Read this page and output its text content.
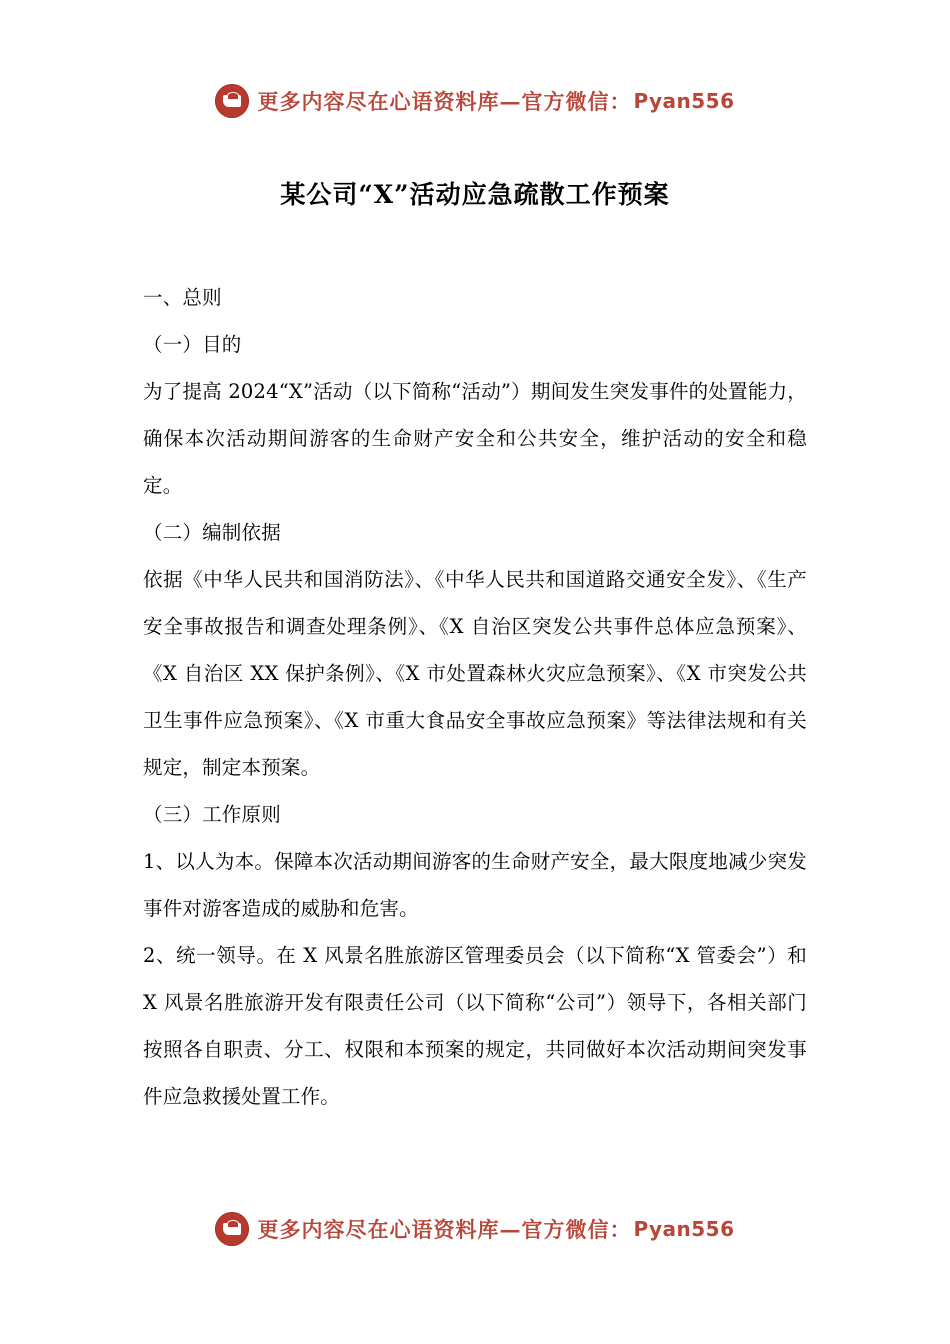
更多内容尽在心语资料库—官方微信： Pyan556
某公司“X”活动应急疏散工作预案

一、总则

（一）目的

为了提高 2024“X”活动（以下简称“活动”）期间发生突发事件的处置能力，确保本次活动期间游客的生命财产安全和公共安全，维护活动的安全和稳定。

（二）编制依据

依据《中华人民共和国消防法》、《中华人民共和国道路交通安全发》、《生产安全事故报告和调查处理条例》、《X 自治区突发公共事件总体应急预案》、《X 自治区 XX 保护条例》、《X 市处置森林火灾应急预案》、《X 市突发公共卫生事件应急预案》、《X 市重大食品安全事故应急预案》等法律法规和有关规定，制定本预案。

（三）工作原则

1、以人为本。保障本次活动期间游客的生命财产安全，最大限度地减少突发事件对游客造成的威胁和危害。

2、统一领导。在 X 风景名胜旅游区管理委员会（以下简称“X 管委会”）和 X 风景名胜旅游开发有限责任公司（以下简称“公司”）领导下，各相关部门按照各自职责、分工、权限和本预案的规定，共同做好本次活动期间突发事件应急救援处置工作。

更多内容尽在心语资料库—官方微信： Pyan556
